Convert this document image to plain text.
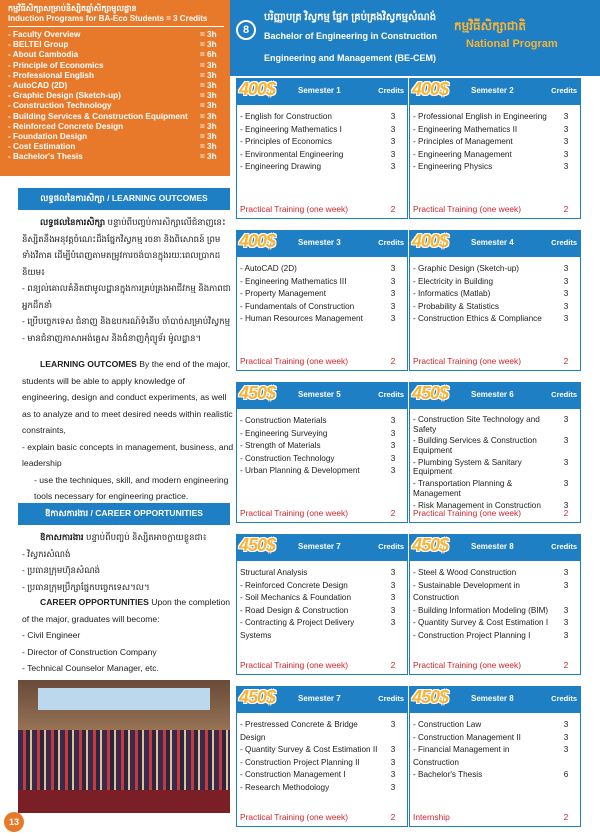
កម្មវិធីសិក្សាសម្រាប់និស្សិតឆ្នាំសិក្សាមូលដ្ឋាន
Induction Programs for BA-Eco Students = 3 Credits
- Faculty Overview	= 3h
- BELTEI Group	= 3h
- About Cambodia	= 6h
- Principle of Economics	= 3h
- Professional English	= 3h
- AutoCAD (2D)	= 3h
- Graphic Design (Sketch-up)	= 3h
- Construction Technology	= 3h
- Building Services & Construction Equipment	= 3h
- Reinforced Concrete Design	= 3h
- Foundation Design	= 3h
- Cost Estimation	= 3h
- Bachelor's Thesis	= 3h
លទ្ធផលនៃការសិក្សា / LEARNING OUTCOMES

លទ្ធផលនៃការសិក្សា បន្ទាប់ពីបញ្ចប់ការសិក្សាលើជំនាញនេះ និស្សិតនឹងអនុវត្តចំណេះដឹងផ្នែកវិស្វកម្ម រចនា និងពិសោធន៍ ព្រមទាំងវិភាគ ដើម្បីបំពេញតាមតម្រូវការចង់បានក្នុងរយៈពេលប្រាកដនិយម៖

- ពន្យល់គោលគំនិតជាមូលដ្ឋានក្នុងការគ្រប់គ្រងអាជីវកម្ម និងភាពជាអ្នកដឹកនាំ

- ប្រើបច្ចេកទេស ជំនាញ និងឧបករណ៍ទំនើប ចាំបាច់សម្រាប់វិស្វកម្ម

- មានជំនាញភាសាអង់គ្លេស និងជំនាញកុំព្យូទ័រ ម៉ូលដ្ឋាន។

LEARNING OUTCOMES By the end of the major, students will be able to apply knowledge of engineering, design and conduct experiments, as well as to analyze and to meet desired needs within realistic constraints,

- explain basic concepts in management, business, and leadership

- use the techniques, skill, and modern engineering tools necessary for engineering practice.

ឱកាសការងារ / CAREER OPPORTUNITIES

ឱកាសការងារ បន្ទាប់ពីបញ្ចប់ និស្សិតអាចក្លាយខ្លួនជា៖

- វិស្វករសំណង់

- ប្រធានក្រុមហ៊ុនសំណង់

- ប្រធានក្រុមប្រឹក្សាផ្នែកបច្ចេកទេស។ល។

CAREER OPPORTUNITIES Upon the completion of the major, graduates will become:

- Civil Engineer

- Director of Construction Company

- Technical Counselor Manager, etc.

13
8
បរិញ្ញាបត្រ វិស្វកម្ម ផ្នែក គ្រប់គ្រងវិស្វកម្មសំណង់
Bachelor of Engineering in Construction
Engineering and Management (BE-CEM)
កម្មវិធីសិក្សាជាតិ
National Program
400$	Semester 1	Credits
- English for Construction	3
- Engineering Mathematics I	3
- Principles of Economics	3
- Environmental Engineering	3
- Engineering Drawing	3
Practical Training (one week)	2
400$	Semester 2	Credits
- Professional English in Engineering	3
- Engineering Mathematics II	3
- Principles of Management	3
- Engineering Management	3
- Engineering Physics	3
Practical Training (one week)	2
400$	Semester 3	Credits
- AutoCAD (2D)	3
- Engineering Mathematics III	3
- Property Management	3
- Fundamentals of Construction	3
- Human Resources Management	3
Practical Training (one week)	2
400$	Semester 4	Credits
- Graphic Design (Sketch-up)	3
- Electricity in Building	3
- Informatics (Matlab)	3
- Probability & Statistics	3
- Construction Ethics & Compliance	3
Practical Training (one week)	2
450$	Semester 5	Credits
- Construction Materials	3
- Engineering Surveying	3
- Strength of Materials	3
- Construction Technology	3
- Urban Planning & Development	3
Practical Training (one week)	2
450$	Semester 6	Credits
- Construction Site Technology and Safety
3
- Building Services & Construction Equipment
3
- Plumbing System & Sanitary Equipment
3
- Transportation Planning & Management
3
- Risk Management in Construction	3
Practical Training (one week)	2
450$	Semester 7	Credits
Structural Analysis	3
- Reinforced Concrete Design	3
- Soil Mechanics & Foundation	3
- Road Design & Construction	3
- Contracting & Project Delivery Systems
3
Practical Training (one week)	2
450$	Semester 8	Credits
- Steel & Wood Construction	3
- Sustainable Development in Construction
3
- Building Information Modeling (BIM)	3
- Quantity Survey & Cost Estimation I	3
- Construction Project Planning I	3
Practical Training (one week)	2
450$	Semester 7	Credits
- Prestressed Concrete & Bridge Design
3
- Quantity Survey & Cost Estimation II	3
- Construction Project Planning II	3
- Construction Management I	3
- Research Methodology	3
Practical Training (one week)	2
450$	Semester 8	Credits
- Construction Law	3
- Construction Management II	3
- Financial Management in Construction
3
- Bachelor's Thesis	6
Internship	2
